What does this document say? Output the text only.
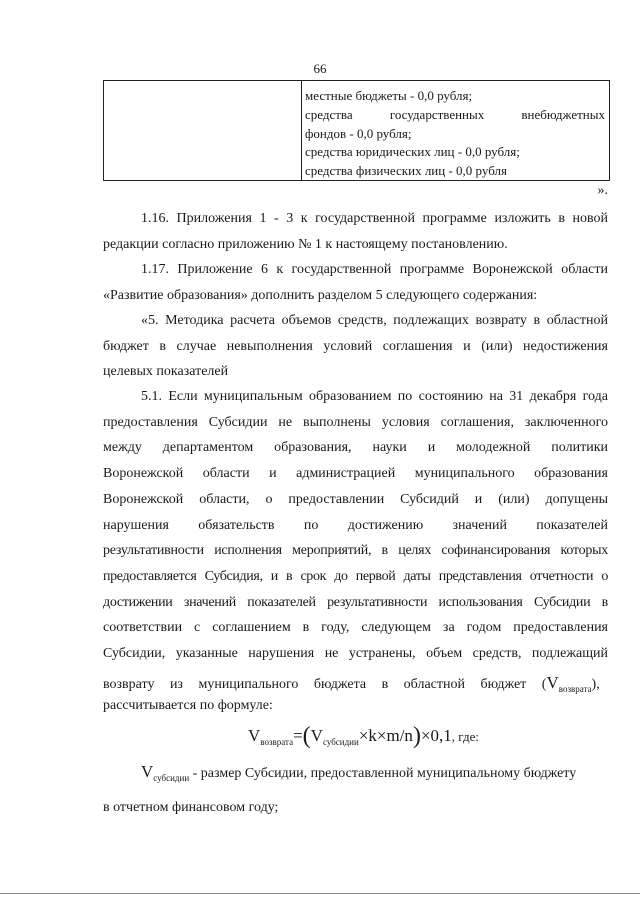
66
местные бюджеты - 0,0 рубля;
средства государственных внебюджетных
фондов - 0,0 рубля;
средства юридических лиц - 0,0 рубля;
средства физических лиц - 0,0 рубля
».
1.16. Приложения 1 - 3 к государственной программе изложить в новой
редакции согласно приложению № 1 к настоящему постановлению.
1.17. Приложение 6 к государственной программе Воронежской области
«Развитие образования» дополнить разделом 5 следующего содержания:
«5. Методика расчета объемов средств, подлежащих возврату в областной
бюджет в случае невыполнения условий соглашения и (или) недостижения
целевых показателей
5.1. Если муниципальным образованием по состоянию на 31 декабря года
предоставления Субсидии не выполнены условия соглашения, заключенного
между департаментом образования, науки и молодежной политики
Воронежской области и администрацией муниципального образования
Воронежской области, о предоставлении Субсидий и (или) допущены
нарушения обязательств по достижению значений показателей
результативности исполнения мероприятий, в целях софинансирования которых
предоставляется Субсидия, и в срок до первой даты представления отчетности о
достижении значений показателей результативности использования Субсидии в
соответствии с соглашением в году, следующем за годом предоставления
Субсидии, указанные нарушения не устранены, объем средств, подлежащий
возврату из муниципального бюджета в областной бюджет $(V_{возврата})$,
рассчитывается по формуле:
$V_{возврата}=(V_{субсидии}\times k\times m/n)\times 0,1$, где:
$V_{субсидии}$ - размер Субсидии, предоставленной муниципальному бюджету
в отчетном финансовом году;
